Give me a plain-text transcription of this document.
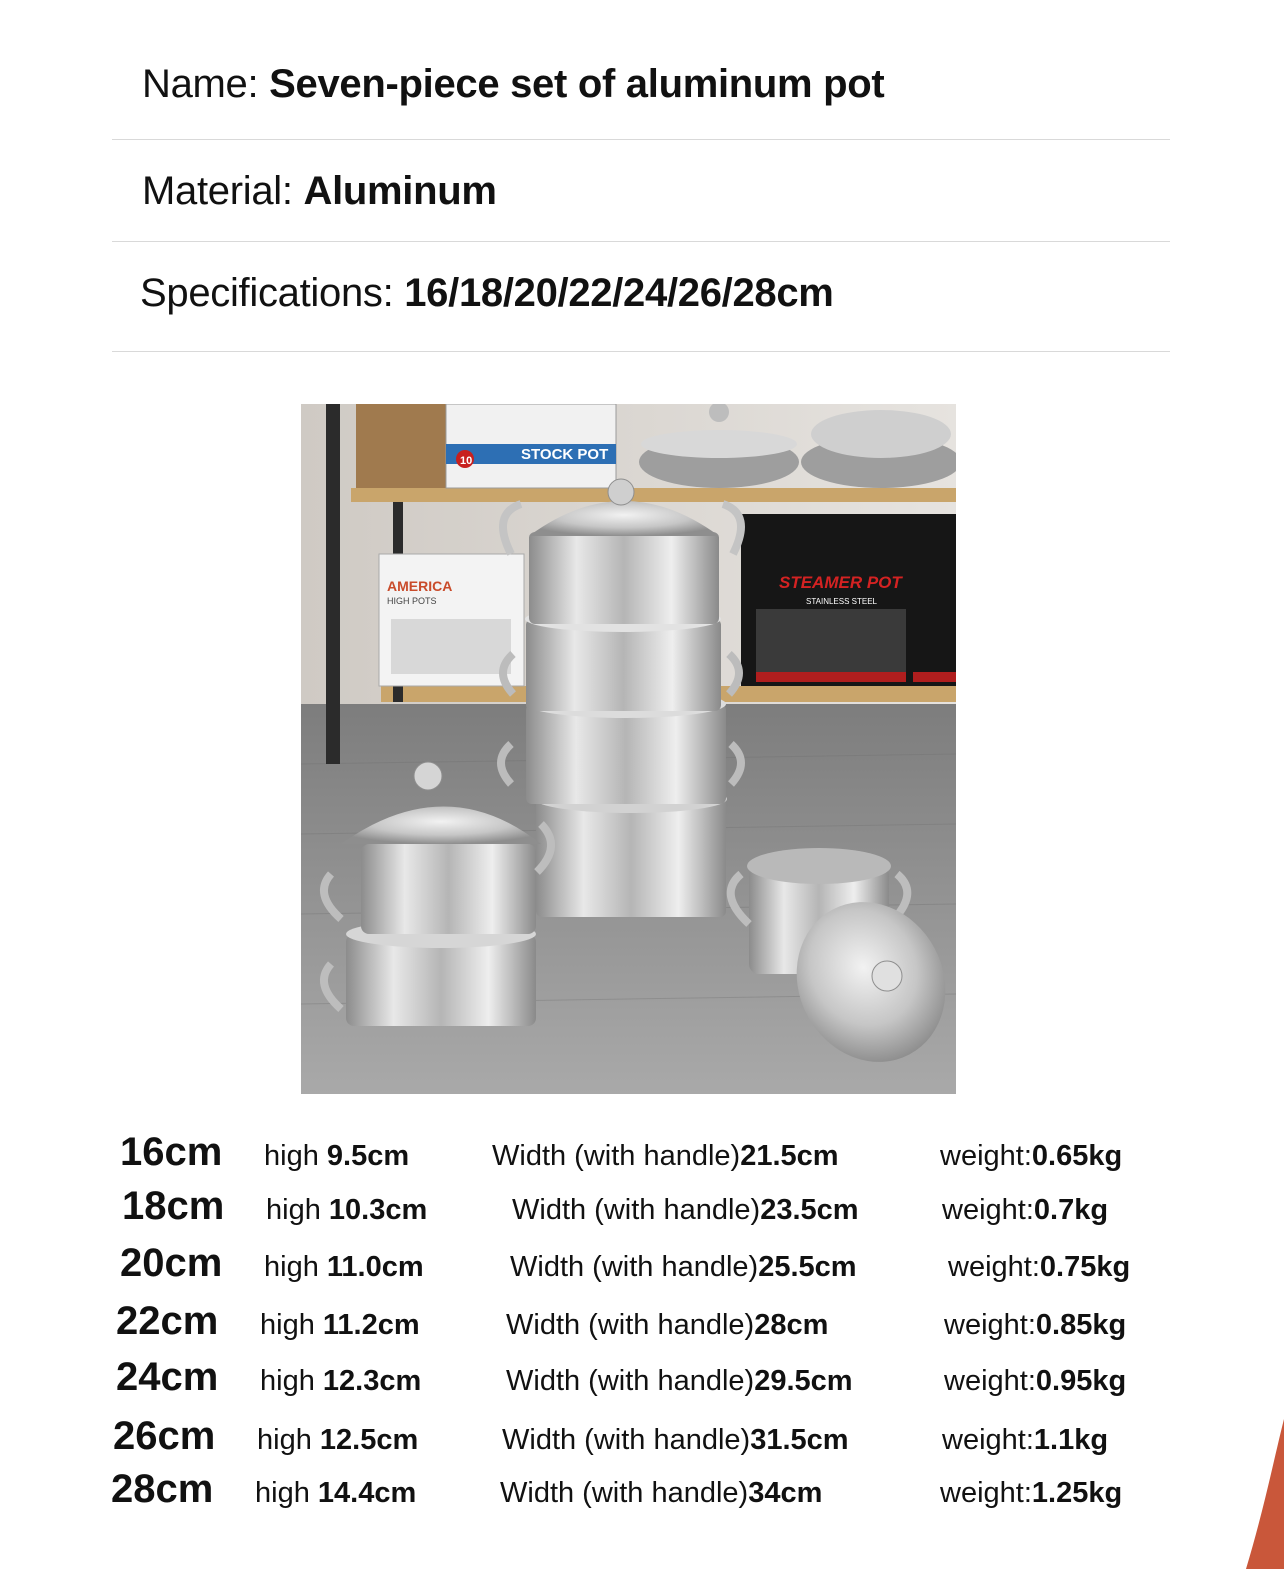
Name: Seven-piece set of aluminum pot
Material: Aluminum
Specifications: 16/18/20/22/24/26/28cm
STOCK POT
10
STEAMER POT
STAINLESS STEEL
AMERICA
HIGH POTS
16cm high 9.5cm	Width (with handle)21.5cm	weight:0.65kg
18cm high 10.3cm	Width (with handle)23.5cm	weight:0.7kg
20cm high 11.0cm	Width (with handle)25.5cm	weight:0.75kg
22cm high 11.2cm	Width (with handle)28cm	weight:0.85kg
24cm high 12.3cm	Width (with handle)29.5cm	weight:0.95kg
26cm high 12.5cm	Width (with handle)31.5cm	weight:1.1kg
28cm high 14.4cm	Width (with handle)34cm	weight:1.25kg
